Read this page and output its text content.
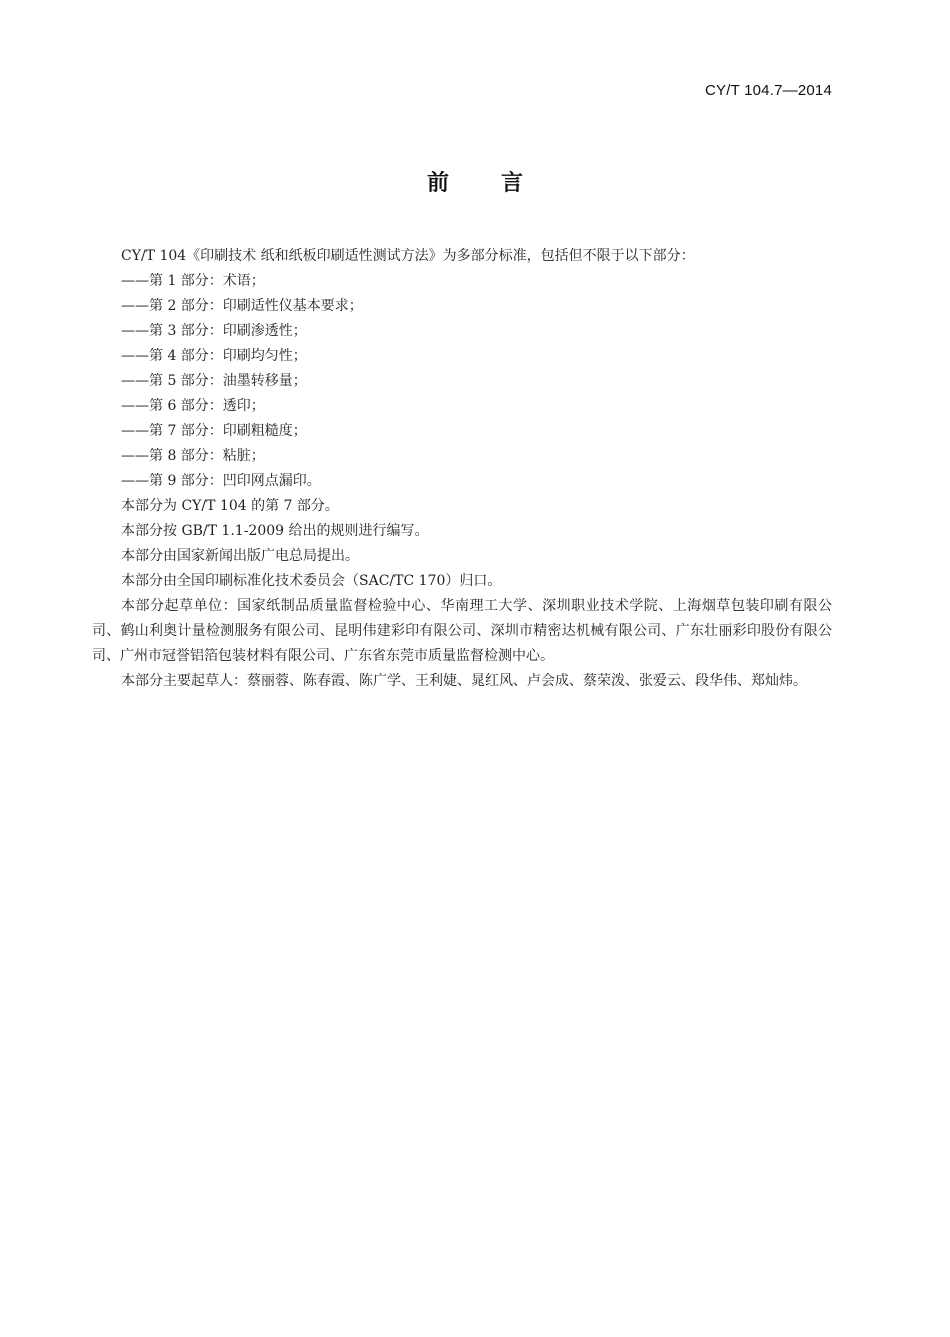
CY/T 104.7—2014
前言

CY/T 104《印刷技术 纸和纸板印刷适性测试方法》为多部分标准，包括但不限于以下部分：

——第 1 部分：术语；
——第 2 部分：印刷适性仪基本要求；
——第 3 部分：印刷渗透性；
——第 4 部分：印刷均匀性；
——第 5 部分：油墨转移量；
——第 6 部分：透印；
——第 7 部分：印刷粗糙度；
——第 8 部分：粘脏；
——第 9 部分：凹印网点漏印。

本部分为 CY/T 104 的第 7 部分。

本部分按 GB/T 1.1-2009 给出的规则进行编写。

本部分由国家新闻出版广电总局提出。

本部分由全国印刷标准化技术委员会（SAC/TC 170）归口。

本部分起草单位：国家纸制品质量监督检验中心、华南理工大学、深圳职业技术学院、上海烟草包装印刷有限公司、鹤山利奥计量检测服务有限公司、昆明伟建彩印有限公司、深圳市精密达机械有限公司、广东壮丽彩印股份有限公司、广州市冠誉铝箔包装材料有限公司、广东省东莞市质量监督检测中心。

本部分主要起草人：蔡丽蓉、陈春霞、陈广学、王利婕、晁红风、卢会成、蔡荣泼、张爱云、段华伟、郑灿炜。
